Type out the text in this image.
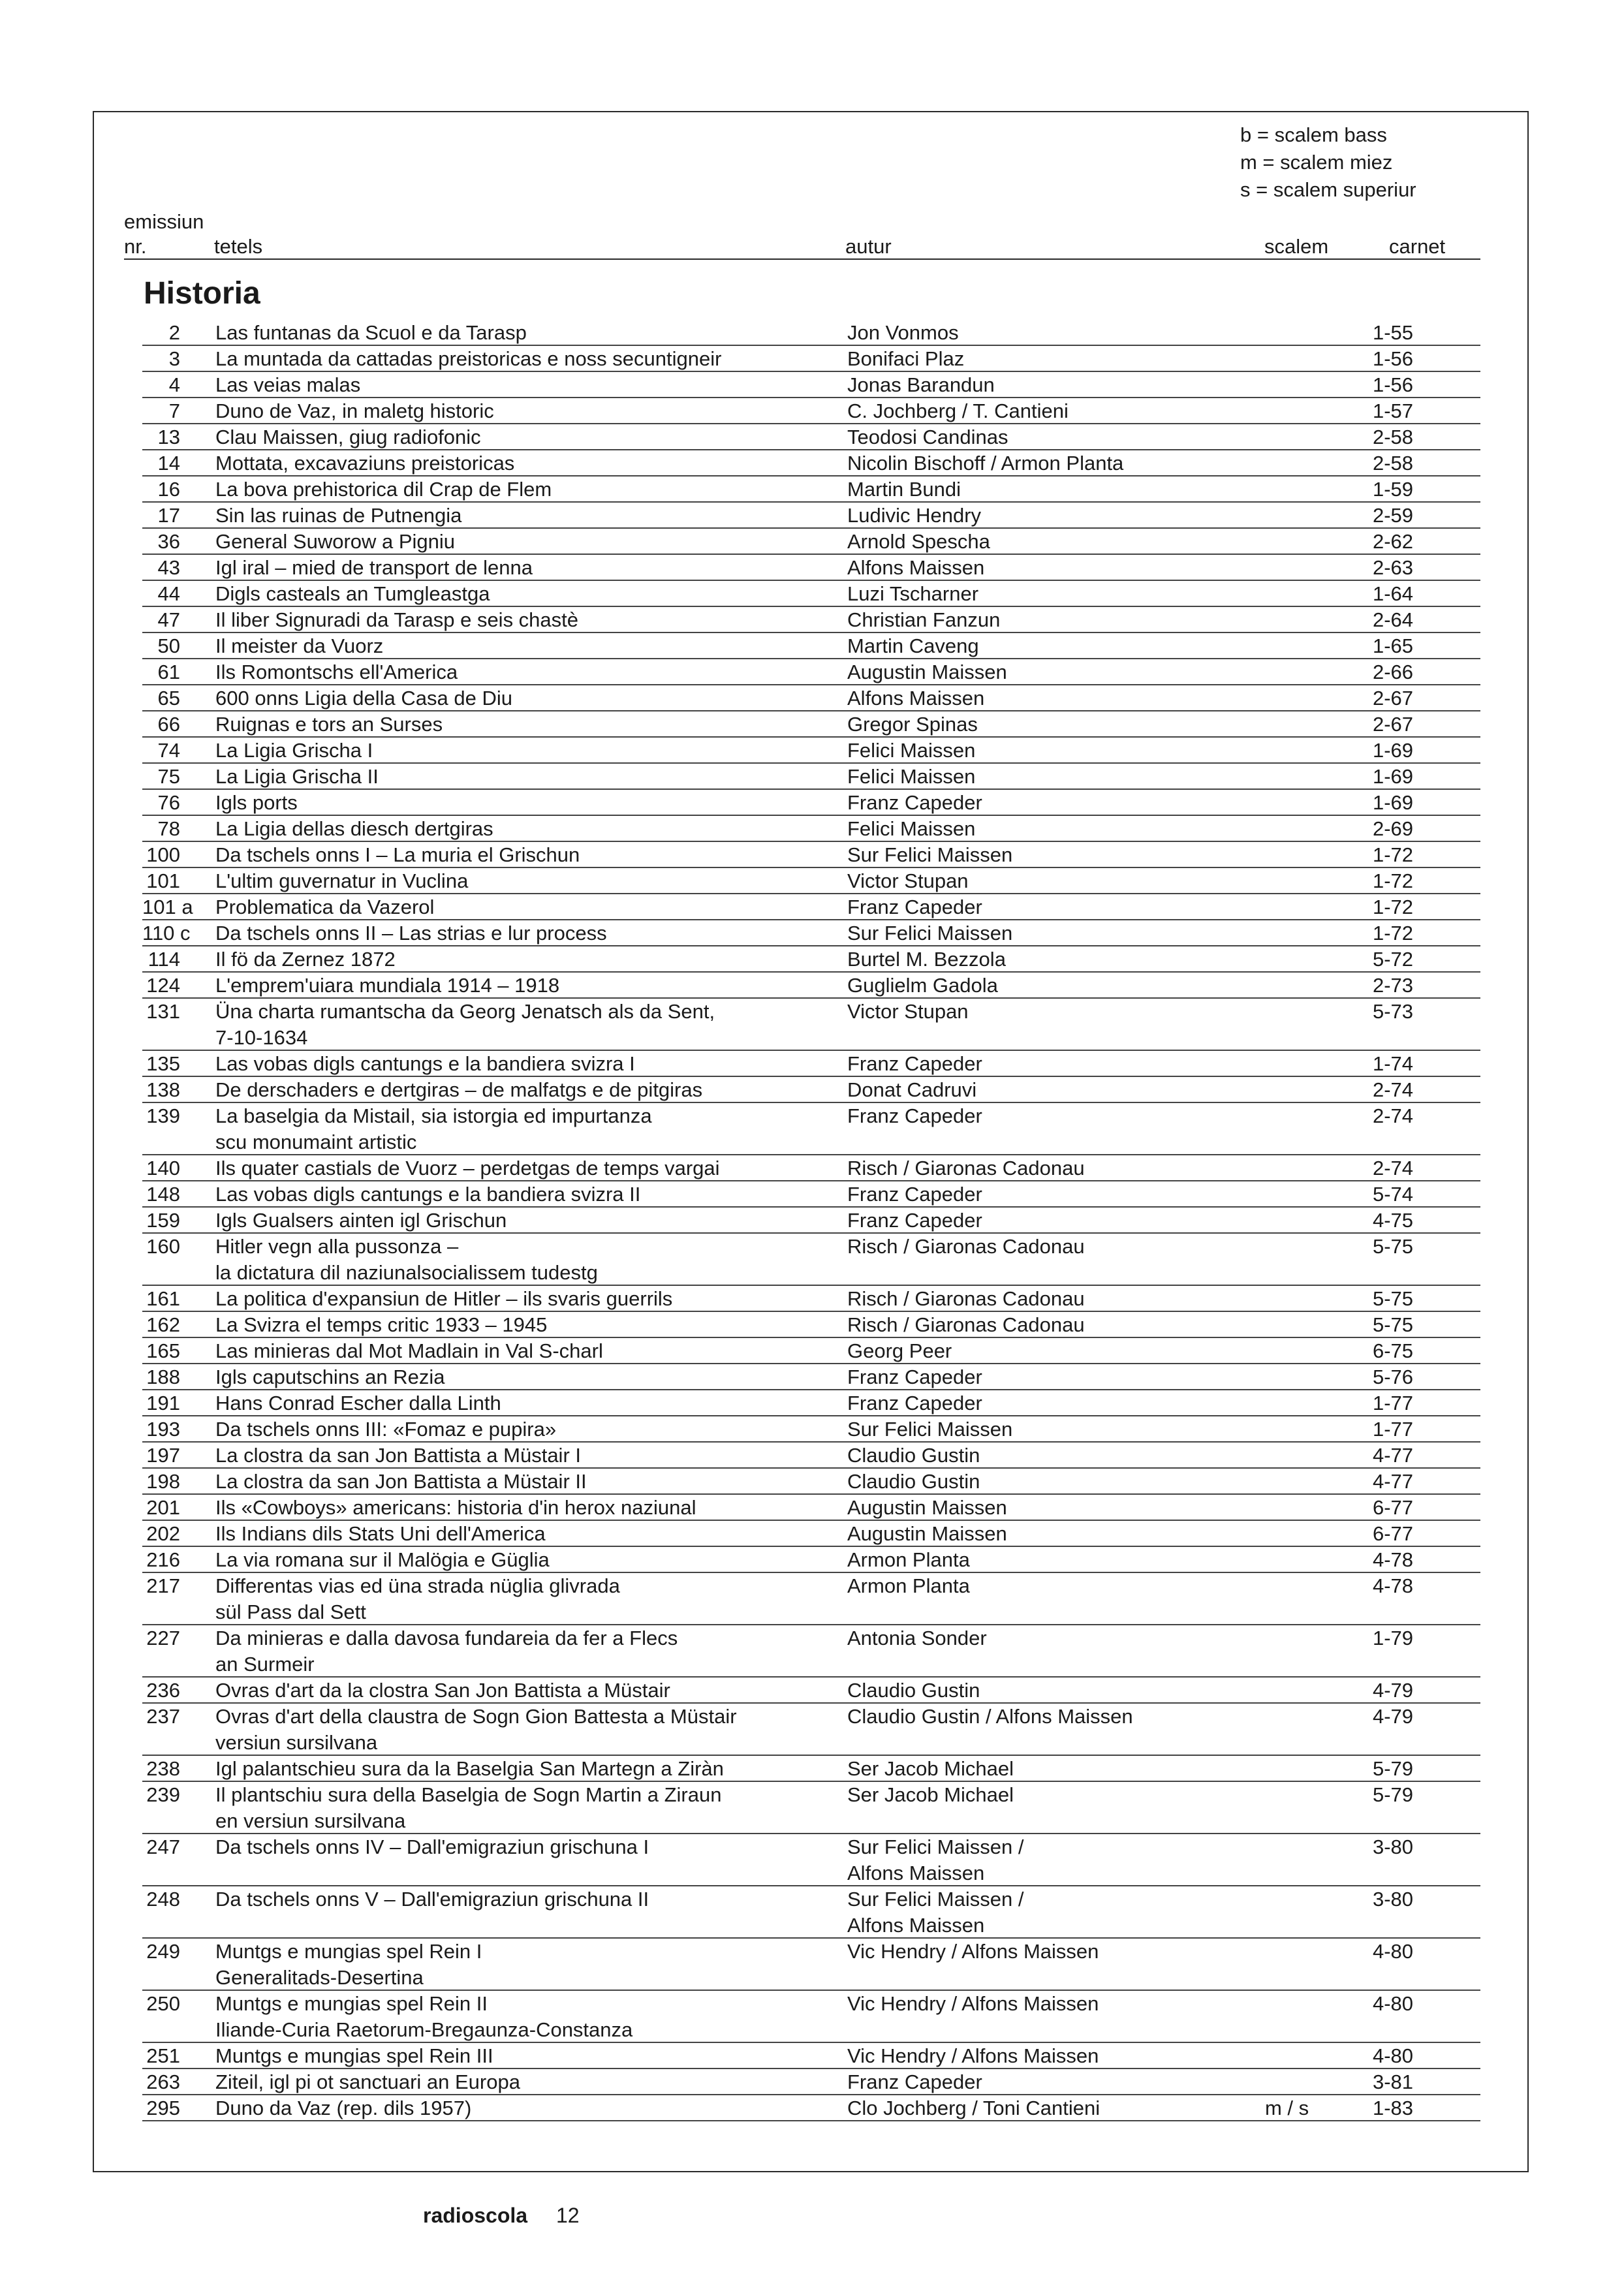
b = scalem bass
m = scalem miez
s = scalem superiur
emissiun
nr.	tetels	autur	scalem	carnet
Historia
2 Las funtanas da Scuol e da Tarasp	Jon Vonmos	1-55
3 La muntada da cattadas preistoricas e noss secuntigneir	Bonifaci Plaz	1-56
4 Las veias malas	Jonas Barandun	1-56
7 Duno de Vaz, in maletg historic	C. Jochberg / T. Cantieni	1-57
13 Clau Maissen, giug radiofonic	Teodosi Candinas	2-58
14 Mottata, excavaziuns preistoricas	Nicolin Bischoff / Armon Planta	2-58
16 La bova prehistorica dil Crap de Flem	Martin Bundi	1-59
17 Sin las ruinas de Putnengia	Ludivic Hendry	2-59
36 General Suworow a Pigniu	Arnold Spescha	2-62
43 Igl iral – mied de transport de lenna	Alfons Maissen	2-63
44 Digls casteals an Tumgleastga	Luzi Tscharner	1-64
47 Il liber Signuradi da Tarasp e seis chastè	Christian Fanzun	2-64
50 Il meister da Vuorz	Martin Caveng	1-65
61 Ils Romontschs ell'America	Augustin Maissen	2-66
65 600 onns Ligia della Casa de Diu	Alfons Maissen	2-67
66 Ruignas e tors an Surses	Gregor Spinas	2-67
74 La Ligia Grischa I	Felici Maissen	1-69
75 La Ligia Grischa II	Felici Maissen	1-69
76 Igls ports	Franz Capeder	1-69
78 La Ligia dellas diesch dertgiras	Felici Maissen	2-69
100 Da tschels onns I – La muria el Grischun	Sur Felici Maissen	1-72
101 L'ultim guvernatur in Vuclina	Victor Stupan	1-72
101 a Problematica da Vazerol	Franz Capeder	1-72
110 c Da tschels onns II – Las strias e lur process	Sur Felici Maissen	1-72
114 Il fö da Zernez 1872	Burtel M. Bezzola	5-72
124 L'emprem'uiara mundiala 1914 – 1918	Guglielm Gadola	2-73
131 Üna charta rumantscha da Georg Jenatsch als da Sent,
7-10-1634
Victor Stupan	5-73
135 Las vobas digls cantungs e la bandiera svizra I	Franz Capeder	1-74
138 De derschaders e dertgiras – de malfatgs e de pitgiras	Donat Cadruvi	2-74
139 La baselgia da Mistail, sia istorgia ed impurtanza
scu monumaint artistic
Franz Capeder	2-74
140 Ils quater castials de Vuorz – perdetgas de temps vargai	Risch / Giaronas Cadonau	2-74
148 Las vobas digls cantungs e la bandiera svizra II	Franz Capeder	5-74
159 Igls Gualsers ainten igl Grischun	Franz Capeder	4-75
160 Hitler vegn alla pussonza –
la dictatura dil naziunalsocialissem tudestg
Risch / Giaronas Cadonau	5-75
161 La politica d'expansiun de Hitler – ils svaris guerrils	Risch / Giaronas Cadonau	5-75
162 La Svizra el temps critic 1933 – 1945	Risch / Giaronas Cadonau	5-75
165 Las minieras dal Mot Madlain in Val S-charl	Georg Peer	6-75
188 Igls caputschins an Rezia	Franz Capeder	5-76
191 Hans Conrad Escher dalla Linth	Franz Capeder	1-77
193 Da tschels onns III: «Fomaz e pupira»	Sur Felici Maissen	1-77
197 La clostra da san Jon Battista a Müstair I	Claudio Gustin	4-77
198 La clostra da san Jon Battista a Müstair II	Claudio Gustin	4-77
201 Ils «Cowboys» americans: historia d'in herox naziunal	Augustin Maissen	6-77
202 Ils Indians dils Stats Uni dell'America	Augustin Maissen	6-77
216 La via romana sur il Malögia e Güglia	Armon Planta	4-78
217 Differentas vias ed üna strada nüglia glivrada
sül Pass dal Sett
Armon Planta	4-78
227 Da minieras e dalla davosa fundareia da fer a Flecs
an Surmeir
Antonia Sonder	1-79
236 Ovras d'art da la clostra San Jon Battista a Müstair	Claudio Gustin	4-79
237 Ovras d'art della claustra de Sogn Gion Battesta a Müstair
versiun sursilvana
Claudio Gustin / Alfons Maissen	4-79
238 Igl palantschieu sura da la Baselgia San Martegn a Ziràn	Ser Jacob Michael	5-79
239 Il plantschiu sura della Baselgia de Sogn Martin a Ziraun
en versiun sursilvana
Ser Jacob Michael	5-79
247 Da tschels onns IV – Dall'emigraziun grischuna I	Sur Felici Maissen /
Alfons Maissen
3-80
248 Da tschels onns V – Dall'emigraziun grischuna II	Sur Felici Maissen /
Alfons Maissen
3-80
249 Muntgs e mungias spel Rein I
Generalitads-Desertina
Vic Hendry / Alfons Maissen	4-80
250 Muntgs e mungias spel Rein II
Iliande-Curia Raetorum-Bregaunza-Constanza
Vic Hendry / Alfons Maissen	4-80
251 Muntgs e mungias spel Rein III	Vic Hendry / Alfons Maissen	4-80
263 Ziteil, igl pi ot sanctuari an Europa	Franz Capeder	3-81
295 Duno da Vaz (rep. dils 1957)	Clo Jochberg / Toni Cantieni	m / s	1-83
radioscola 12
